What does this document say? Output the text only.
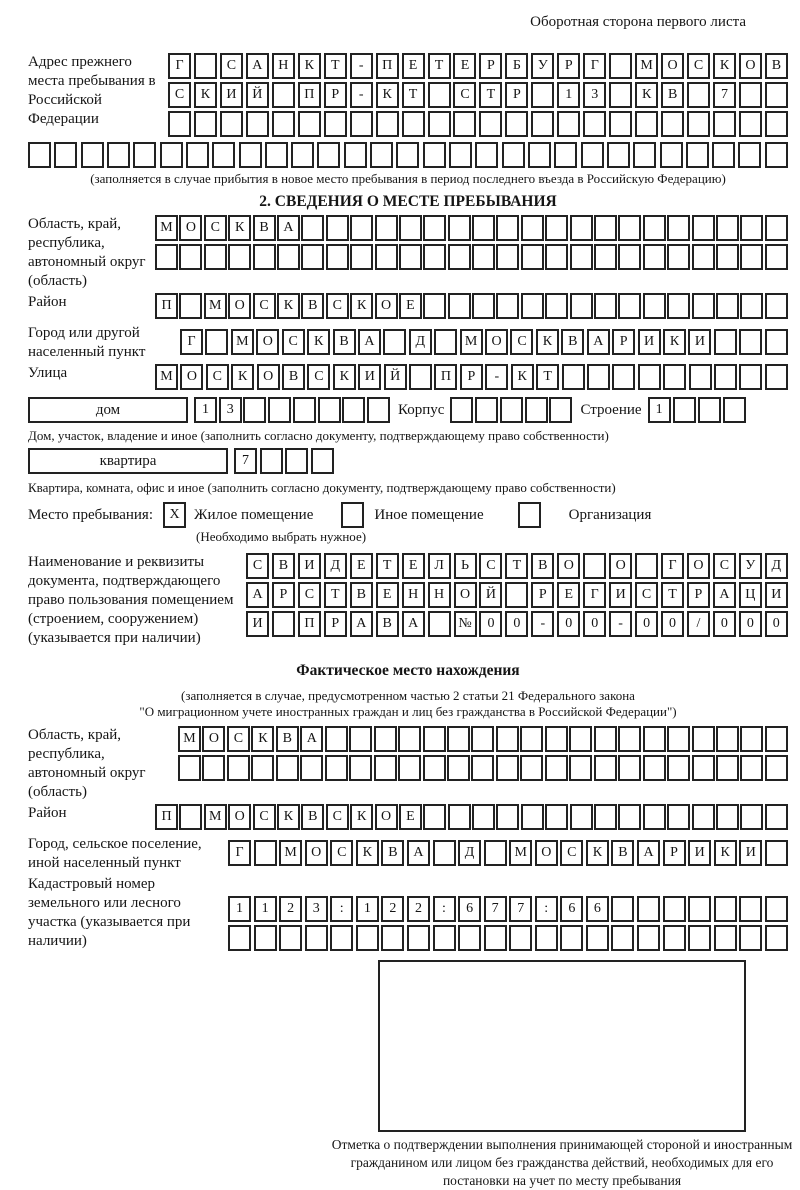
Оборотная сторона первого листа
Адрес прежнего места пребывания в Российской Федерации
Г	С	А	Н	К	Т	-	П	Е	Т	Е	Р	Б	У	Р	Г	М	О	С	К	О	В
С	К	И	Й	П	Р	-	К	Т	С	Т	Р	1	3	К	В	7
(заполняется в случае прибытия в новое место пребывания в период последнего въезда в Российскую Федерацию)
2. СВЕДЕНИЯ О МЕСТЕ ПРЕБЫВАНИЯ
Область, край, республика, автономный округ (область)
М О	С	К	В	А
Район	П	М О	С	К	В	С	К	О	Е
Город или другой населенный пункт
Г	М	О	С	К	В	А	Д	М	О	С	К	В	А	Р	И	К	И
Улица	М	О	С	К	О	В	С	К	И	Й	П	Р	-	К	Т
дом	1	3	Корпус	Строение	1
Дом, участок, владение и иное (заполнить согласно документу, подтверждающему право собственности)
квартира	7
Квартира, комната, офис и иное (заполнить согласно документу, подтверждающему право собственности)
Место пребывания:	X Жилое помещение	Иное помещение	Организация
(Необходимо выбрать нужное)
Наименование и реквизиты документа, подтверждающего право пользования помещением (строением, сооружением) (указывается при наличии)
С	В	И	Д	Е	Т	Е	Л	Ь	С	Т	В	О	О	Г	О	С	У	Д
А	Р	С	Т	В	Е	Н	Н	О	Й	Р	Е	Г	И	С	Т	Р	А	Ц	И
И	П	Р	А	В	А	№	0	0	-	0	0	-	0	0	/	0	0	0
Фактическое место нахождения
(заполняется в случае, предусмотренном частью 2 статьи 21 Федерального закона
"О миграционном учете иностранных граждан и лиц без гражданства в Российской Федерации")
Область, край, республика, автономный округ (область)
М О	С	К	В	А
Район	П	М О	С	К	В	С	К	О	Е
Город, сельское поселение, иной населенный пункт
Г	М	О	С	К	В	А	Д	М	О	С	К	В	А	Р	И	К	И
Кадастровый номер земельного или лесного участка (указывается при наличии)
1	1	2	3	:	1	2	2	:	6	7	7	:	6	6
Отметка о подтверждении выполнения принимающей стороной и иностранным гражданином или лицом без гражданства действий, необходимых для его постановки на учет по месту пребывания
